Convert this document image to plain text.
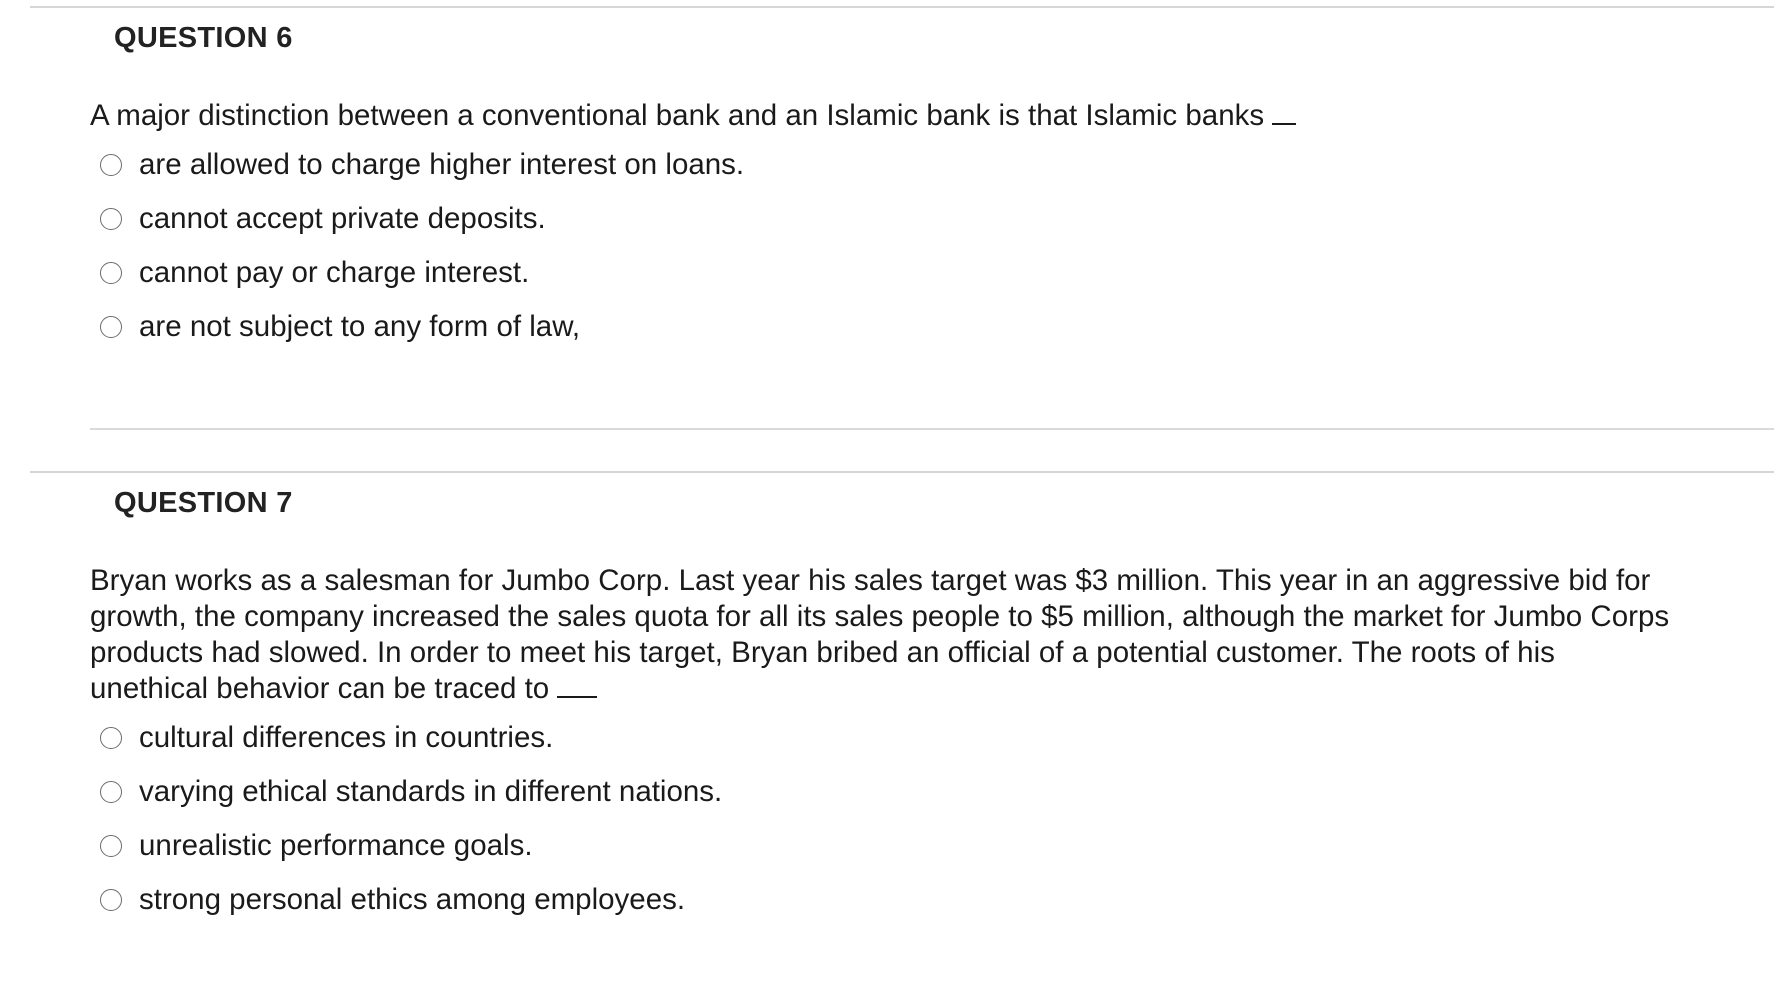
QUESTION 6
A major distinction between a conventional bank and an Islamic bank is that Islamic banks
are allowed to charge higher interest on loans.
cannot accept private deposits.
cannot pay or charge interest.
are not subject to any form of law,
QUESTION 7
Bryan works as a salesman for Jumbo Corp. Last year his sales target was $3 million. This year in an aggressive bid for growth, the company increased the sales quota for all its sales people to $5 million, although the market for Jumbo Corps products had slowed. In order to meet his target, Bryan bribed an official of a potential customer. The roots of his unethical behavior can be traced to
cultural differences in countries.
varying ethical standards in different nations.
unrealistic performance goals.
strong personal ethics among employees.
